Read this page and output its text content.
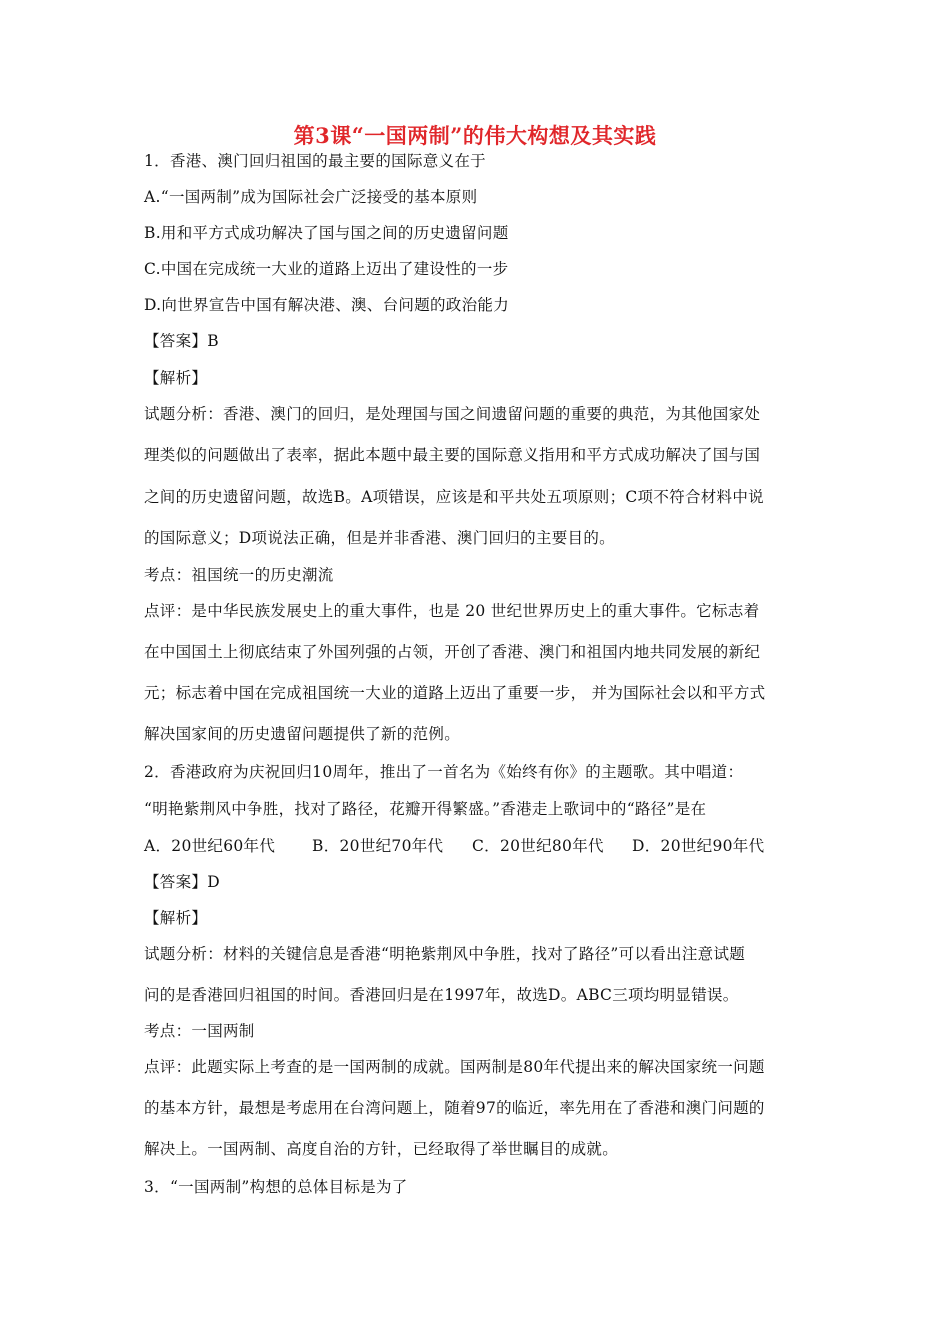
第3课“一国两制”的伟大构想及其实践
1．香港、澳门回归祖国的最主要的国际意义在于
A.“一国两制”成为国际社会广泛接受的基本原则
B.用和平方式成功解决了国与国之间的历史遗留问题
C.中国在完成统一大业的道路上迈出了建设性的一步
D.向世界宣告中国有解决港、澳、台问题的政治能力
【答案】B
【解析】
试题分析：香港、澳门的回归，是处理国与国之间遗留问题的重要的典范，为其他国家处
理类似的问题做出了表率，据此本题中最主要的国际意义指用和平方式成功解决了国与国
之间的历史遗留问题，故选B。A项错误，应该是和平共处五项原则；C项不符合材料中说
的国际意义；D项说法正确，但是并非香港、澳门回归的主要目的。
考点：祖国统一的历史潮流
点评：是中华民族发展史上的重大事件，也是 20 世纪世界历史上的重大事件。它标志着
在中国国土上彻底结束了外国列强的占领，开创了香港、澳门和祖国内地共同发展的新纪
元；标志着中国在完成祖国统一大业的道路上迈出了重要一步， 并为国际社会以和平方式
解决国家间的历史遗留问题提供了新的范例。
2．香港政府为庆祝回归10周年，推出了一首名为《始终有你》的主题歌。其中唱道：
“明艳紫荆风中争胜，找对了路径，花瓣开得繁盛。”香港走上歌词中的“路径”是在
A．20世纪60年代	B．20世纪70年代	C．20世纪80年代	D．20世纪90年代
【答案】D
【解析】
试题分析：材料的关键信息是香港“明艳紫荆风中争胜，找对了路径”可以看出注意试题
问的是香港回归祖国的时间。香港回归是在1997年，故选D。ABC三项均明显错误。
考点：一国两制
点评：此题实际上考查的是一国两制的成就。国两制是80年代提出来的解决国家统一问题
的基本方针，最想是考虑用在台湾问题上，随着97的临近，率先用在了香港和澳门问题的
解决上。一国两制、高度自治的方针，已经取得了举世瞩目的成就。
3．“一国两制”构想的总体目标是为了
